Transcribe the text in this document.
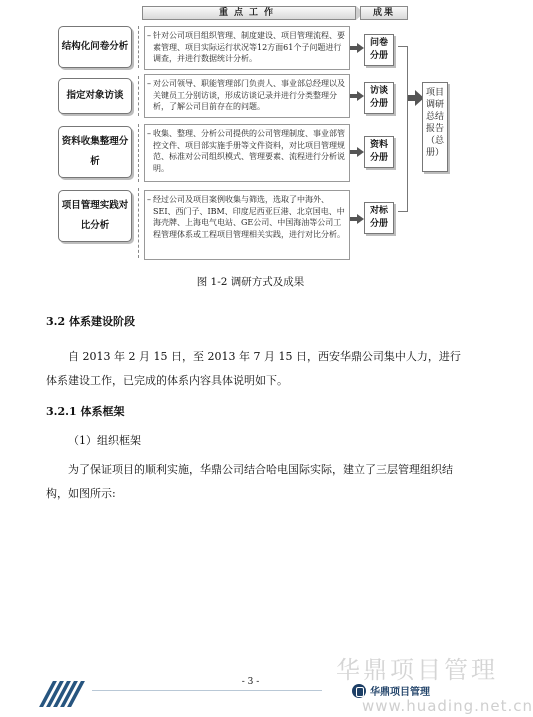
重点工作	成果
结构化问卷分析
– 针对公司项目组织管理、制度建设、项目管理流程、要素管理、项目实际运行状况等12方面61个子问题进行调查，并进行数据统计分析。
问卷分册
指定对象访谈
– 对公司领导、职能管理部门负责人、事业部总经理以及关键员工分别访谈，形成访谈记录并进行分类整理分析，了解公司目前存在的问题。
访谈分册
资料收集整理分析
– 收集、整理、分析公司提供的公司管理制度、事业部管控文件、项目部实施手册等文件资料，对比项目管理规范、标准对公司组织模式、管理要素、流程进行分析说明。
资料分册
项目管理实践对比分析
– 经过公司及项目案例收集与筛选，选取了中海外、SEI、西门子、IBM、印度尼西亚巨港、北京国电、中海壳牌、上海电气电站、GE公司、中国海油等公司工程管理体系或工程项目管理相关实践，进行对比分析。
对标分册
项目调研总结报告（总册）
图 1-2 调研方式及成果
3.2 体系建设阶段
自 2013 年 2 月 15 日，至 2013 年 7 月 15 日，西安华鼎公司集中人力，进行体系建设工作，已完成的体系内容具体说明如下。
3.2.1 体系框架
（1）组织框架
为了保证项目的顺利实施，华鼎公司结合哈电国际实际，建立了三层管理组织结构，如图所示:
- 3 -	华鼎项目管理
华鼎项目管理
www.huading.net.cn
